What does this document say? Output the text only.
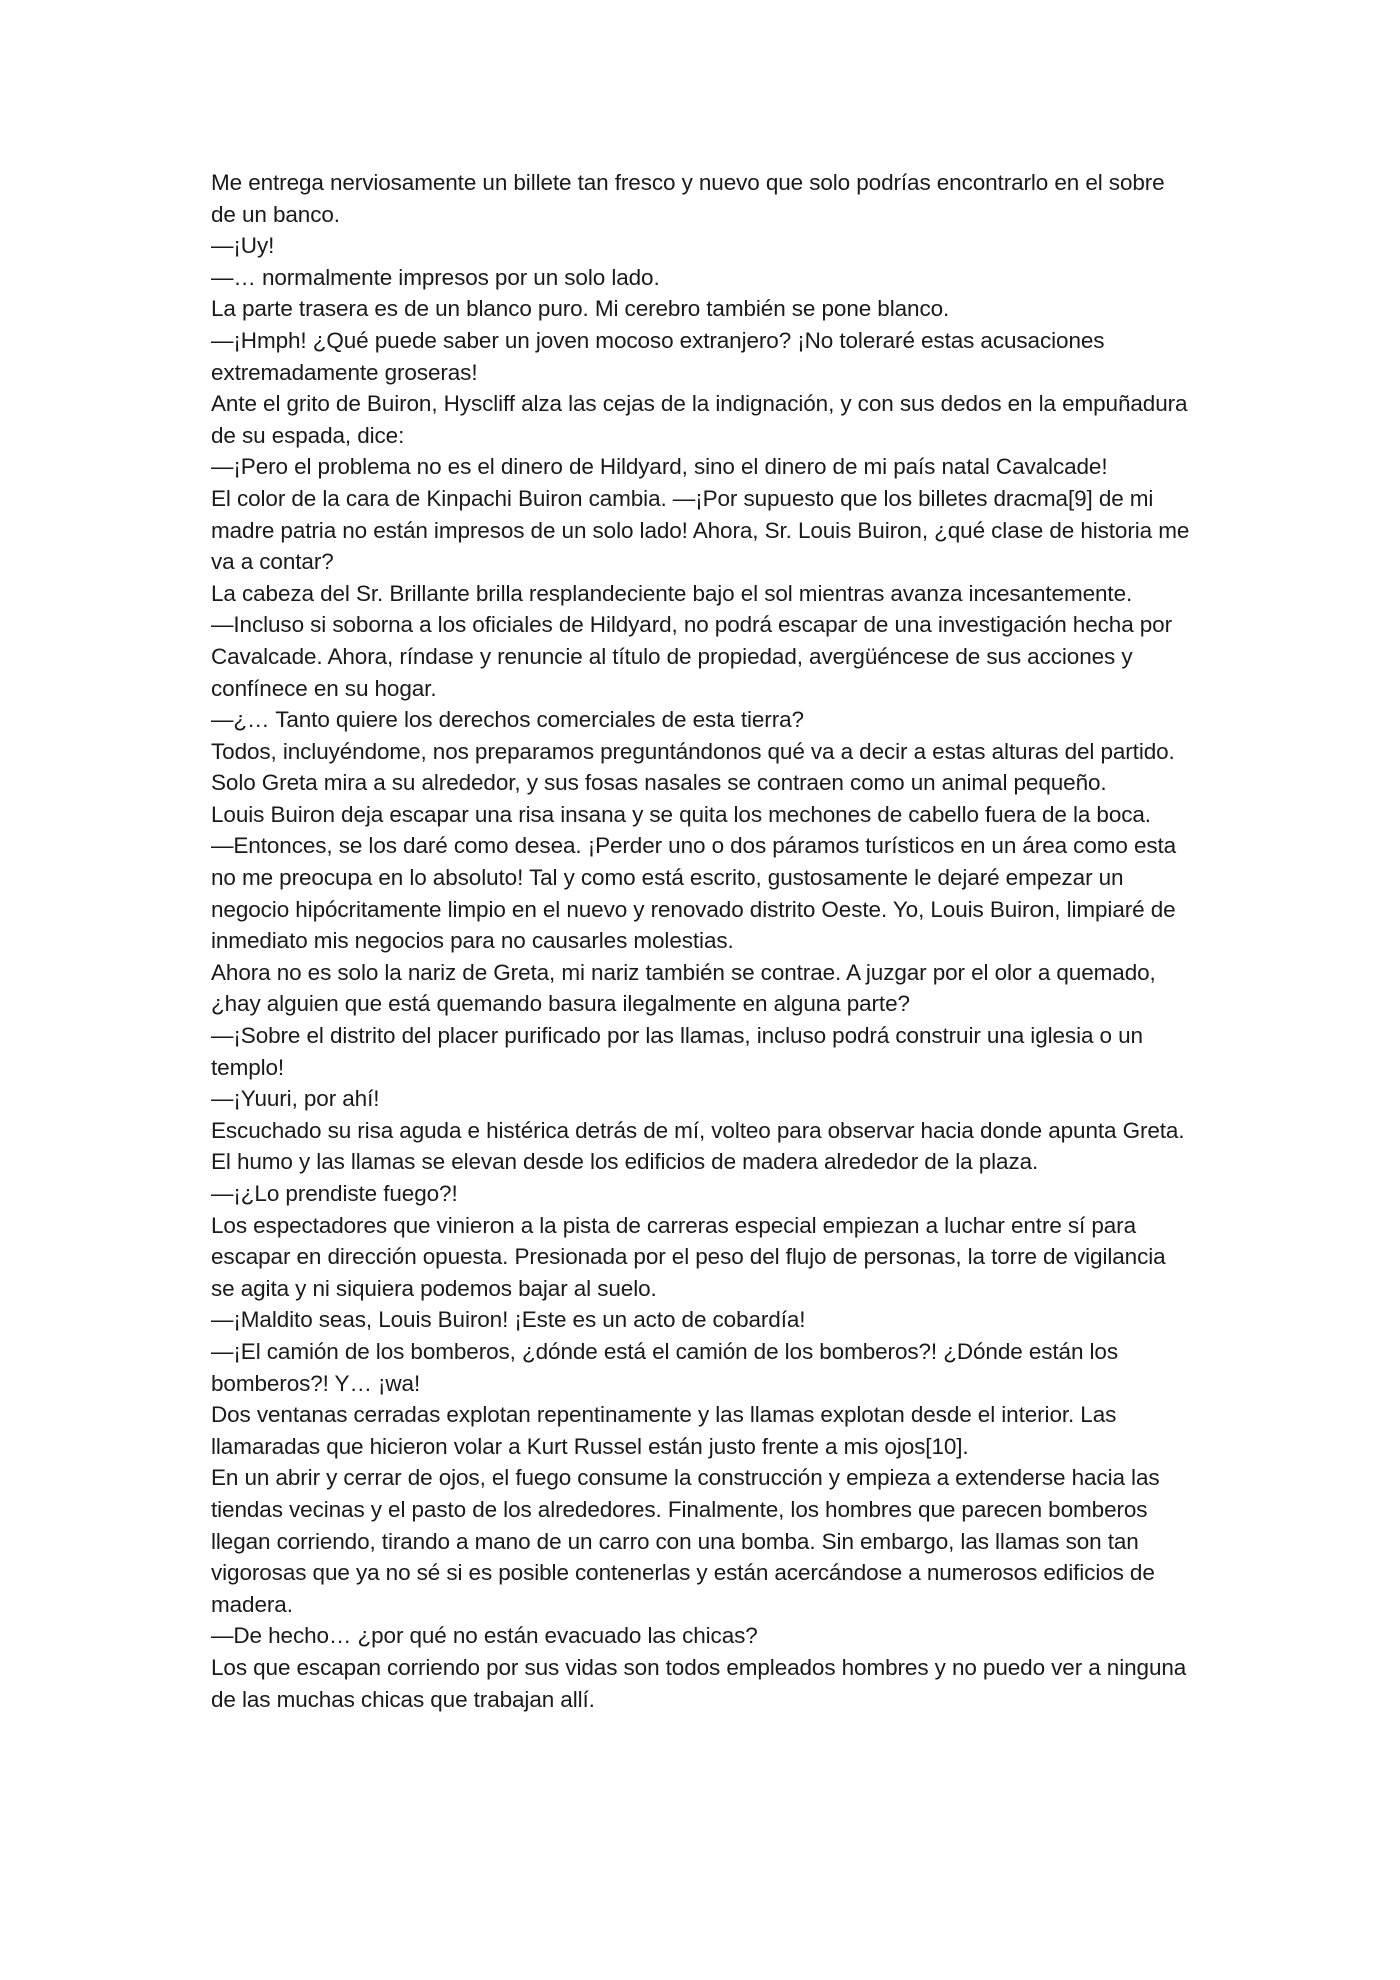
Me entrega nerviosamente un billete tan fresco y nuevo que solo podrías encontrarlo en el sobre de un banco.

—¡Uy!

—… normalmente impresos por un solo lado.

La parte trasera es de un blanco puro. Mi cerebro también se pone blanco.

—¡Hmph! ¿Qué puede saber un joven mocoso extranjero? ¡No toleraré estas acusaciones extremadamente groseras!

Ante el grito de Buiron, Hyscliff alza las cejas de la indignación, y con sus dedos en la empuñadura de su espada, dice:

—¡Pero el problema no es el dinero de Hildyard, sino el dinero de mi país natal Cavalcade!

El color de la cara de Kinpachi Buiron cambia. —¡Por supuesto que los billetes dracma[9] de mi madre patria no están impresos de un solo lado! Ahora, Sr. Louis Buiron, ¿qué clase de historia me va a contar?

La cabeza del Sr. Brillante brilla resplandeciente bajo el sol mientras avanza incesantemente.

—Incluso si soborna a los oficiales de Hildyard, no podrá escapar de una investigación hecha por Cavalcade. Ahora, ríndase y renuncie al título de propiedad, avergüéncese de sus acciones y confínece en su hogar.

—¿… Tanto quiere los derechos comerciales de esta tierra?

Todos, incluyéndome, nos preparamos preguntándonos qué va a decir a estas alturas del partido. Solo Greta mira a su alrededor, y sus fosas nasales se contraen como un animal pequeño.

Louis Buiron deja escapar una risa insana y se quita los mechones de cabello fuera de la boca.

—Entonces, se los daré como desea. ¡Perder uno o dos páramos turísticos en un área como esta no me preocupa en lo absoluto! Tal y como está escrito, gustosamente le dejaré empezar un negocio hipócritamente limpio en el nuevo y renovado distrito Oeste. Yo, Louis Buiron, limpiaré de inmediato mis negocios para no causarles molestias.

Ahora no es solo la nariz de Greta, mi nariz también se contrae. A juzgar por el olor a quemado, ¿hay alguien que está quemando basura ilegalmente en alguna parte?

—¡Sobre el distrito del placer purificado por las llamas, incluso podrá construir una iglesia o un templo!

—¡Yuuri, por ahí!

Escuchado su risa aguda e histérica detrás de mí, volteo para observar hacia donde apunta Greta. El humo y las llamas se elevan desde los edificios de madera alrededor de la plaza.

—¡¿Lo prendiste fuego?!

Los espectadores que vinieron a la pista de carreras especial empiezan a luchar entre sí para escapar en dirección opuesta. Presionada por el peso del flujo de personas, la torre de vigilancia se agita y ni siquiera podemos bajar al suelo.

—¡Maldito seas, Louis Buiron! ¡Este es un acto de cobardía!

—¡El camión de los bomberos, ¿dónde está el camión de los bomberos?! ¿Dónde están los bomberos?! Y… ¡wa!

Dos ventanas cerradas explotan repentinamente y las llamas explotan desde el interior. Las llamaradas que hicieron volar a Kurt Russel están justo frente a mis ojos[10].

En un abrir y cerrar de ojos, el fuego consume la construcción y empieza a extenderse hacia las tiendas vecinas y el pasto de los alrededores. Finalmente, los hombres que parecen bomberos llegan corriendo, tirando a mano de un carro con una bomba. Sin embargo, las llamas son tan vigorosas que ya no sé si es posible contenerlas y están acercándose a numerosos edificios de madera.

—De hecho… ¿por qué no están evacuado las chicas?

Los que escapan corriendo por sus vidas son todos empleados hombres y no puedo ver a ninguna de las muchas chicas que trabajan allí.
